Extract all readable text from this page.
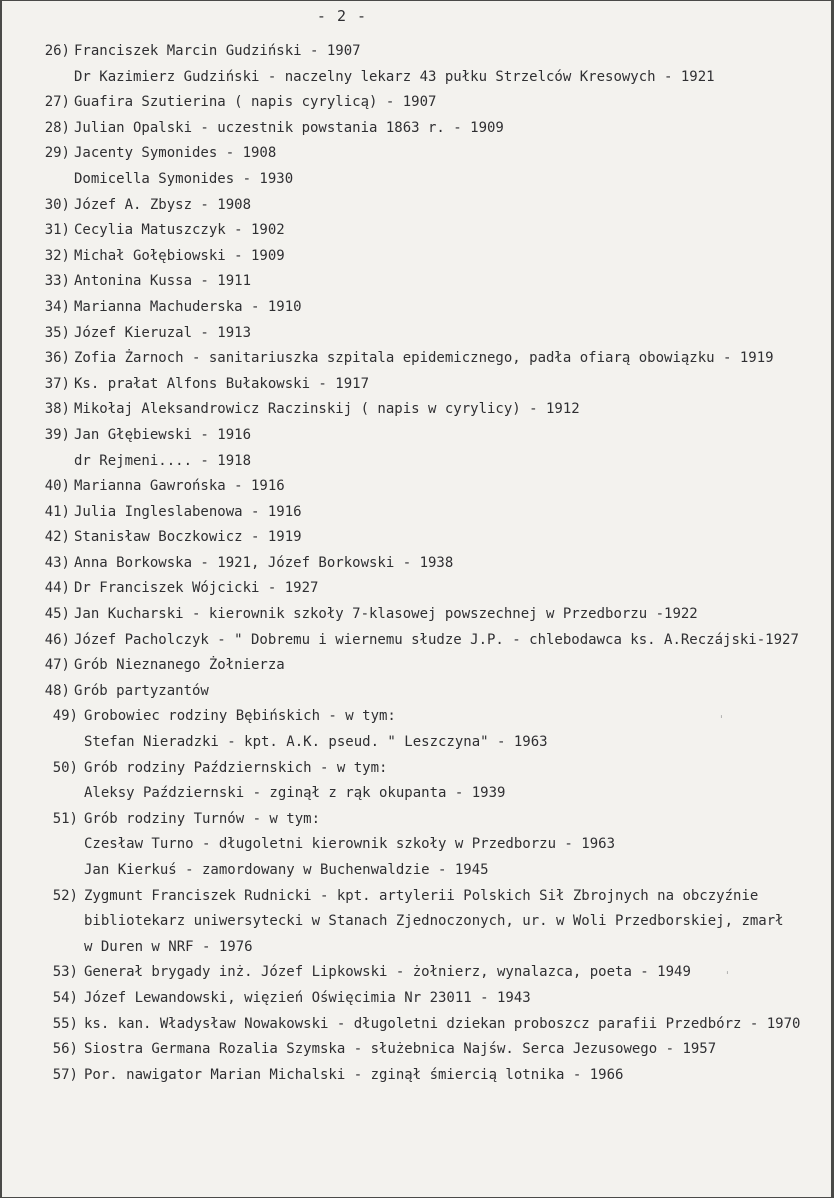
- 2 -
26) Franciszek Marcin Gudziński - 1907
Dr Kazimierz Gudziński - naczelny lekarz 43 pułku Strzelców Kresowych - 1921
27) Guafira Szutierina ( napis cyrylicą) - 1907
28) Julian Opalski - uczestnik powstania 1863 r. - 1909
29) Jacenty Symonides - 1908
Domicella Symonides - 1930
30) Józef A. Zbysz - 1908
31) Cecylia Matuszczyk - 1902
32) Michał Gołębiowski - 1909
33) Antonina Kussa - 1911
34) Marianna Machuderska - 1910
35) Józef Kieruzal - 1913
36) Zofia Żarnoch - sanitariuszka szpitala epidemicznego, padła ofiarą obowiązku - 1919
37) Ks. prałat Alfons Bułakowski - 1917
38) Mikołaj Aleksandrowicz Raczinskij ( napis w cyrylicy) - 1912
39) Jan Głębiewski - 1916
dr Rejmeni.... - 1918
40) Marianna Gawrońska - 1916
41) Julia Ingleslabenowa - 1916
42) Stanisław Boczkowicz - 1919
43) Anna Borkowska - 1921, Józef Borkowski - 1938
44) Dr Franciszek Wójcicki - 1927
45) Jan Kucharski - kierownik szkoły 7-klasowej powszechnej w Przedborzu -1922
46) Józef Pacholczyk - " Dobremu i wiernemu słudze J.P. - chlebodawca ks. A.Reczájski-1927
47) Grób Nieznanego Żołnierza
48) Grób partyzantów
49) Grobowiec rodziny Bębińskich - w tym:
Stefan Nieradzki - kpt. A.K. pseud. " Leszczyna" - 1963
50) Grób rodziny Październskich - w tym:
Aleksy Październski - zginął z rąk okupanta - 1939
51) Grób rodziny Turnów - w tym:
Czesław Turno - długoletni kierownik szkoły w Przedborzu - 1963
Jan Kierkuś - zamordowany w Buchenwaldzie - 1945
52) Zygmunt Franciszek Rudnicki - kpt. artylerii Polskich Sił Zbrojnych na obczyźnie
bibliotekarz uniwersytecki w Stanach Zjednoczonych, ur. w Woli Przedborskiej, zmarł
w Duren w NRF - 1976
53) Generał brygady inż. Józef Lipkowski - żołnierz, wynalazca, poeta - 1949
54) Józef Lewandowski, więzień Oświęcimia Nr 23011 - 1943
55) ks. kan. Władysław Nowakowski - długoletni dziekan proboszcz parafii Przedbórz - 1970
56) Siostra Germana Rozalia Szymska - służebnica Najśw. Serca Jezusowego - 1957
57) Por. nawigator Marian Michalski - zginął śmiercią lotnika - 1966
ˈ
ˈ
